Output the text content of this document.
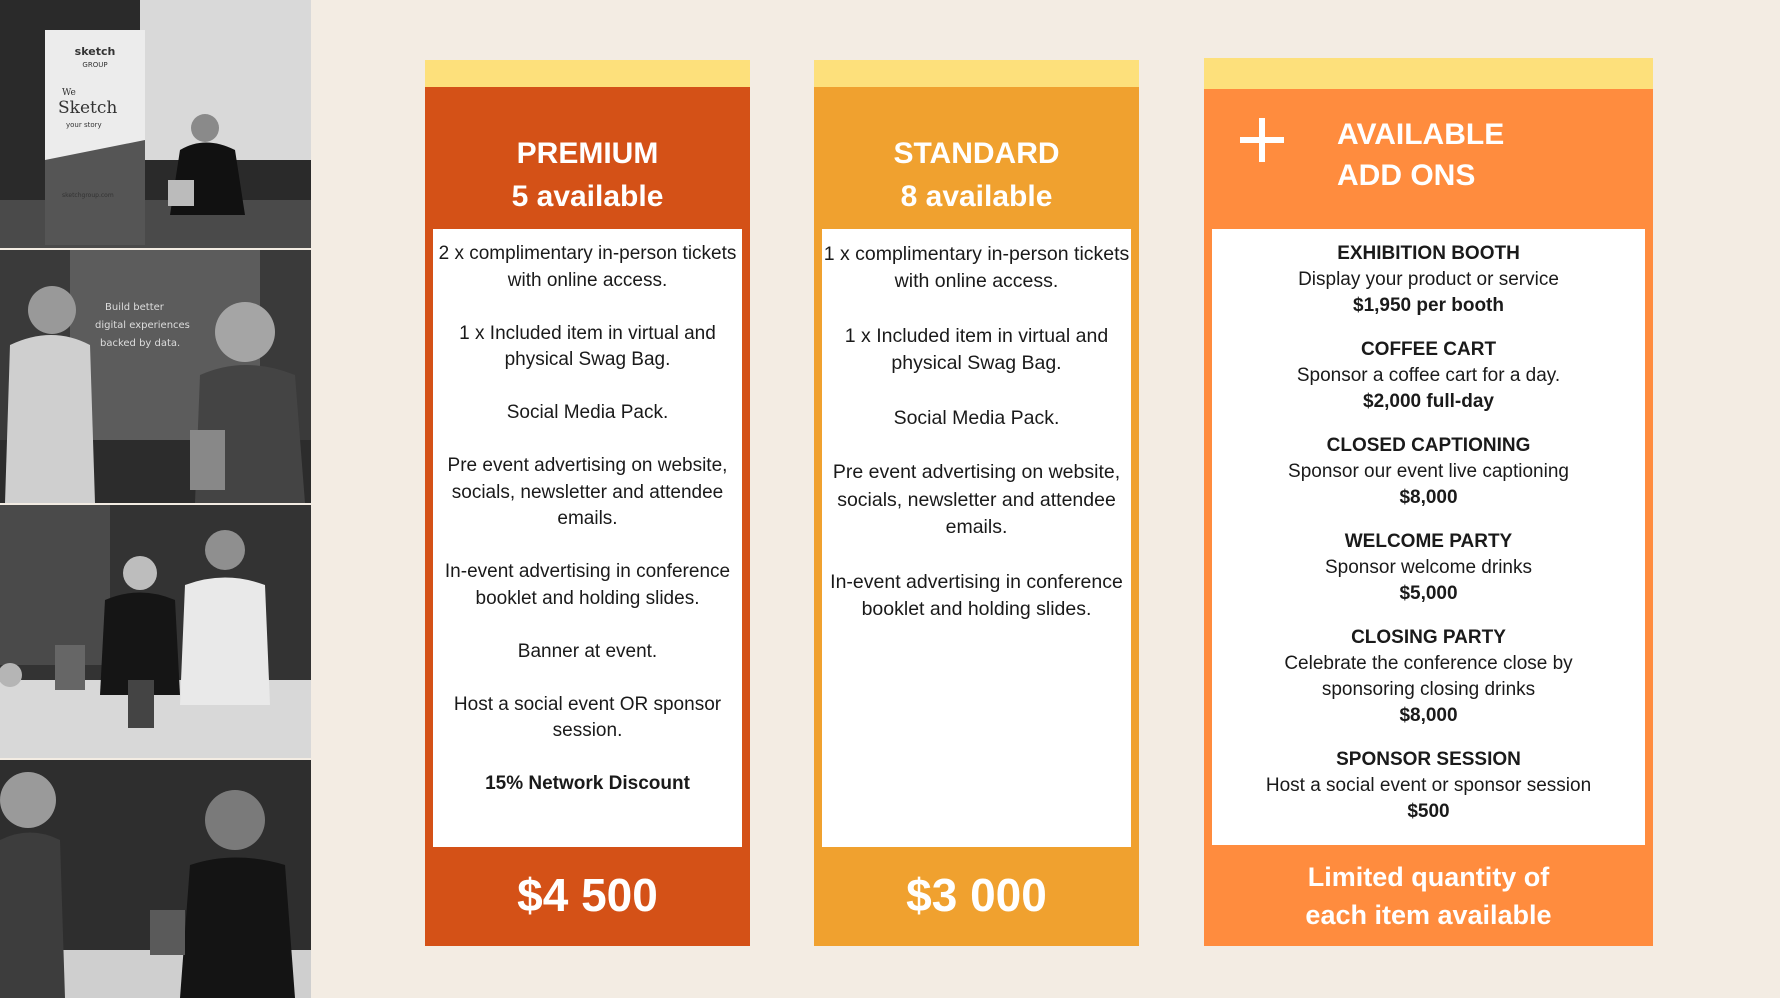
sketch
GROUP
We
Sketch
your story
sketchgroup.com
Build better
digital experiences
backed by data.
PREMIUM
5 available

2 x complimentary in-person tickets with online access.

1 x Included item in virtual and physical Swag Bag.

Social Media Pack.

Pre event advertising on website, socials, newsletter and attendee emails.

In-event advertising in conference booklet and holding slides.

Banner at event.

Host a social event OR sponsor session.

15% Network Discount

$4 500
STANDARD
8 available

1 x complimentary in-person tickets with online access.

1 x Included item in virtual and physical Swag Bag.

Social Media Pack.

Pre event advertising on website, socials, newsletter and attendee emails.

In-event advertising in conference booklet and holding slides.

$3 000
AVAILABLE
ADD ONS
EXHIBITION BOOTH
Display your product or service
$1,950 per booth
COFFEE CART
Sponsor a coffee cart for a day.
$2,000 full-day
CLOSED CAPTIONING
Sponsor our event live captioning
$8,000
WELCOME PARTY
Sponsor welcome drinks
$5,000
CLOSING PARTY
Celebrate the conference close by sponsoring closing drinks
$8,000
SPONSOR SESSION
Host a social event or sponsor session
$500
Limited quantity of
each item available
